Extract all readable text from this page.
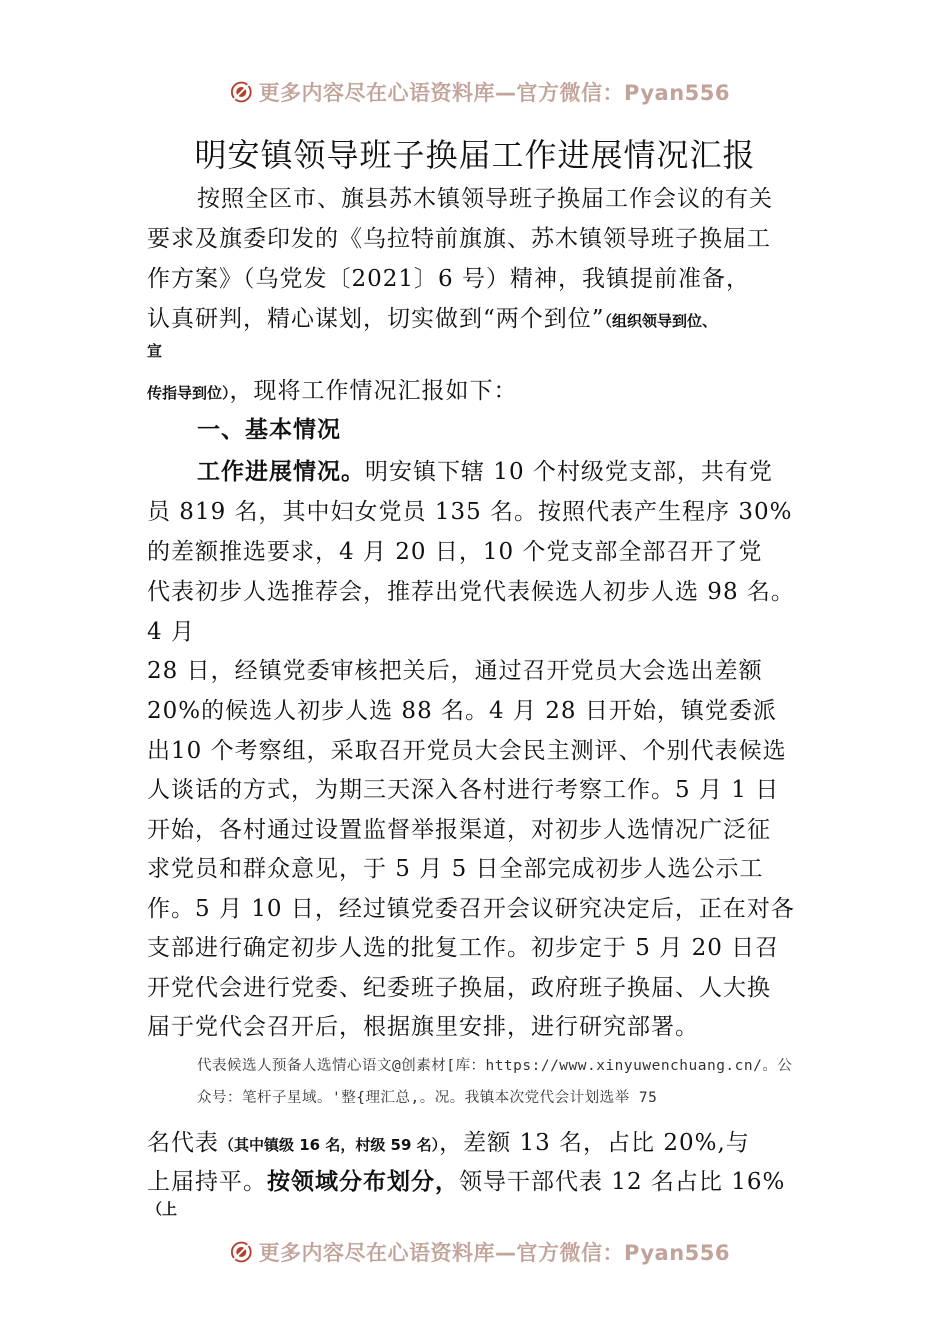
更多内容尽在心语资料库—官方微信：Pyan556
明安镇领导班子换届工作进展情况汇报
按照全区市、旗县苏木镇领导班子换届工作会议的有关
要求及旗委印发的《乌拉特前旗旗、苏木镇领导班子换届工
作方案》（乌党发〔2021〕6 号）精神，我镇提前准备，
认真研判，精心谋划，切实做到“两个到位”（组织领导到位、
宣
传指导到位），现将工作情况汇报如下：
一、基本情况
工作进展情况。明安镇下辖 10 个村级党支部，共有党
员 819 名，其中妇女党员 135 名。按照代表产生程序 30%
的差额推选要求，4 月 20 日，10 个党支部全部召开了党
代表初步人选推荐会，推荐出党代表候选人初步人选 98 名。
4 月
28 日，经镇党委审核把关后，通过召开党员大会选出差额
20%的候选人初步人选 88 名。4 月 28 日开始，镇党委派
出10 个考察组，采取召开党员大会民主测评、个别代表候选
人谈话的方式，为期三天深入各村进行考察工作。5 月 1 日
开始，各村通过设置监督举报渠道，对初步人选情况广泛征
求党员和群众意见，于 5 月 5 日全部完成初步人选公示工
作。5 月 10 日，经过镇党委召开会议研究决定后，正在对各
支部进行确定初步人选的批复工作。初步定于 5 月 20 日召
开党代会进行党委、纪委班子换届，政府班子换届、人大换
届于党代会召开后，根据旗里安排，进行研究部署。
代表候选人预备人选情心语文@创素材[库：https://www.xinyuwenchuang.cn/。公
众号：笔杆子星域。'整{理汇总,。况。我镇本次党代会计划选举 75
名代表（其中镇级 16 名，村级 59 名），差额 13 名，占比 20%,与
上届持平。按领域分布划分，领导干部代表 12 名占比 16%
（上
更多内容尽在心语资料库—官方微信：Pyan556
